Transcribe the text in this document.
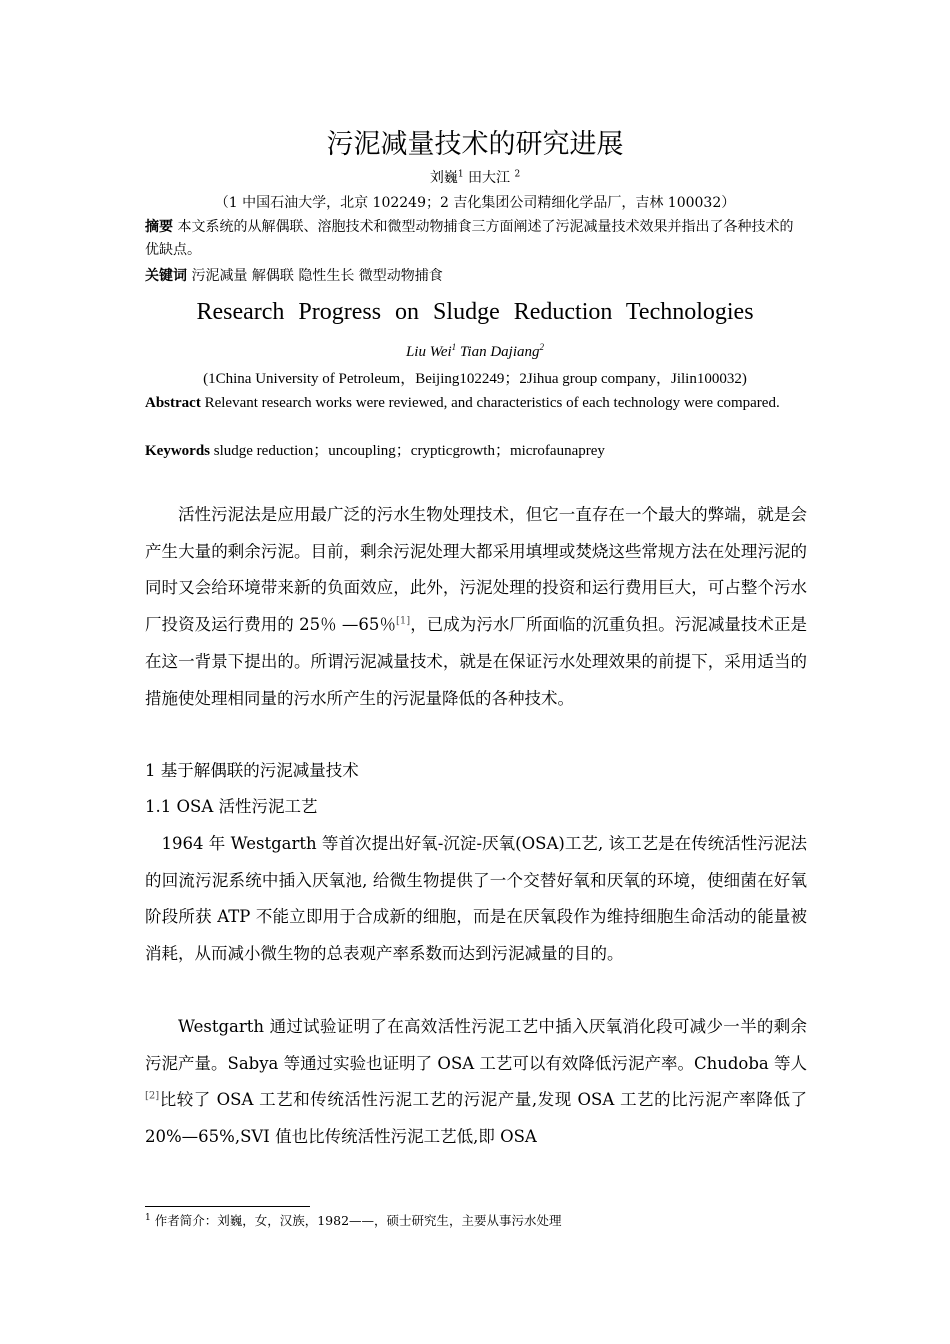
污泥减量技术的研究进展
刘巍$^1$ 田大江 $^2$
（1 中国石油大学，北京 102249；2 吉化集团公司精细化学品厂，吉林 100032）
摘要 本文系统的从解偶联、溶胞技术和微型动物捕食三方面阐述了污泥减量技术效果并指出了各种技术的优缺点。
关键词 污泥减量 解偶联 隐性生长 微型动物捕食
Research Progress on Sludge Reduction Technologies
Liu Wei$^1$ Tian Dajiang$^2$
(1China University of Petroleum，Beijing102249；2Jihua group company，Jilin100032)
Abstract Relevant research works were reviewed, and characteristics of each technology were compared.
Keywords sludge reduction；uncoupling；crypticgrowth；microfaunaprey
活性污泥法是应用最广泛的污水生物处理技术，但它一直存在一个最大的弊端，就是会产生大量的剩余污泥。目前，剩余污泥处理大都采用填埋或焚烧这些常规方法在处理污泥的同时又会给环境带来新的负面效应，此外，污泥处理的投资和运行费用巨大，可占整个污水厂投资及运行费用的 25％ —65％[1]，已成为污水厂所面临的沉重负担。污泥减量技术正是在这一背景下提出的。所谓污泥减量技术，就是在保证污水处理效果的前提下，采用适当的措施使处理相同量的污水所产生的污泥量降低的各种技术。
1 基于解偶联的污泥减量技术
1.1 OSA 活性污泥工艺
1964 年 Westgarth 等首次提出好氧-沉淀-厌氧(OSA)工艺, 该工艺是在传统活性污泥法的回流污泥系统中插入厌氧池, 给微生物提供了一个交替好氧和厌氧的环境，使细菌在好氧阶段所获 ATP 不能立即用于合成新的细胞，而是在厌氧段作为维持细胞生命活动的能量被消耗，从而减小微生物的总表观产率系数而达到污泥减量的目的。
Westgarth 通过试验证明了在高效活性污泥工艺中插入厌氧消化段可减少一半的剩余污泥产量。Sabya 等通过实验也证明了 OSA 工艺可以有效降低污泥产率。Chudoba 等人[2]比较了 OSA 工艺和传统活性污泥工艺的污泥产量,发现 OSA 工艺的比污泥产率降低了 20%—65%,SVI 值也比传统活性污泥工艺低,即 OSA
$^1$ 作者简介：刘巍，女，汉族，1982——，硕士研究生，主要从事污水处理
